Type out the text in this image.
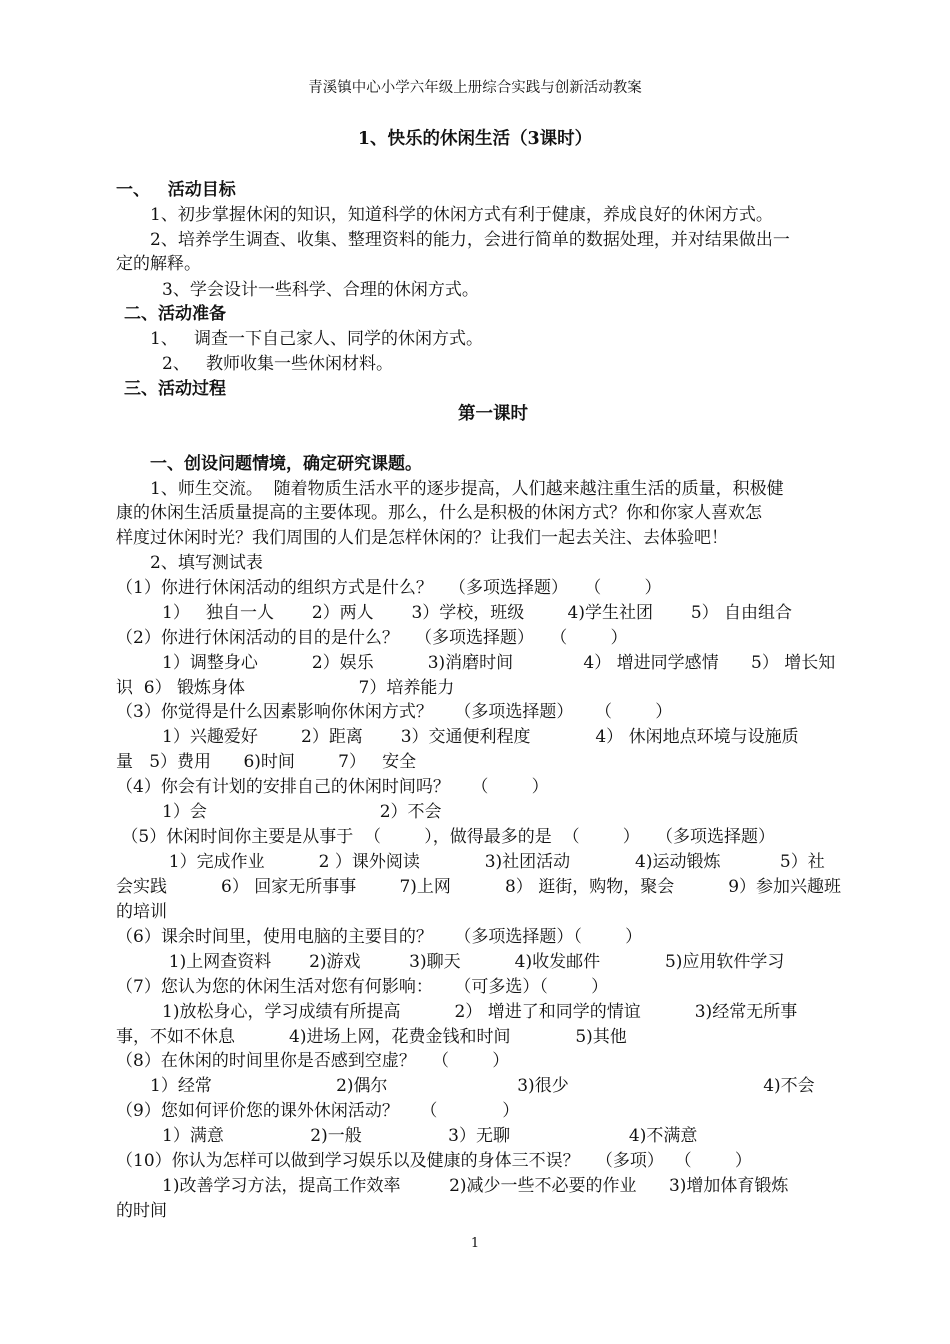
青溪镇中心小学六年级上册综合实践与创新活动教案
1、快乐的休闲生活（3课时）
一、   活动目标
1、初步掌握休闲的知识，知道科学的休闲方式有利于健康，养成良好的休闲方式。
2、培养学生调查、收集、整理资料的能力，会进行简单的数据处理，并对结果做出一
定的解释。
3、学会设计一些科学、合理的休闲方式。
二、活动准备
1、   调查一下自己家人、同学的休闲方式。
2、   教师收集一些休闲材料。
三、活动过程
第一课时
一、创设问题情境，确定研究课题。
1、师生交流。  随着物质生活水平的逐步提高，人们越来越注重生活的质量，积极健
康的休闲生活质量提高的主要体现。那么，什么是积极的休闲方式？你和你家人喜欢怎
样度过休闲时光？我们周围的人们是怎样休闲的？让我们一起去关注、去体验吧！
2、填写测试表
（1）你进行休闲活动的组织方式是什么？   （多项选择题）   （        ）
1）   独自一人       2）两人       3）学校，班级        4)学生社团       5） 自由组合
（2）你进行休闲活动的目的是什么？   （多项选择题）   （        ）
1）调整身心          2）娱乐          3)消磨时间             4） 增进同学感情      5） 增长知
识  6） 锻炼身体                     7）培养能力
（3）你觉得是什么因素影响你休闲方式？    （多项选择题）    （        ）
1）兴趣爱好        2）距离       3）交通便利程度            4） 休闲地点环境与设施质
量   5）费用      6)时间        7）   安全
（4）你会有计划的安排自己的休闲时间吗？    （        ）
1）会                                2）不会
（5）休闲时间你主要是从事于  （        ），做得最多的是  （        ）   （多项选择题）
1）完成作业          2 ）课外阅读            3)社团活动            4)运动锻炼           5）社
会实践          6） 回家无所事事        7)上网          8） 逛街，购物，聚会          9）参加兴趣班
的培训
（6）课余时间里，使用电脑的主要目的？    （多项选择题）（        ）
1)上网查资料       2)游戏         3)聊天          4)收发邮件            5)应用软件学习
（7）您认为您的休闲生活对您有何影响：    （可多选）（        ）
1)放松身心，学习成绩有所提高          2） 增进了和同学的情谊          3)经常无所事
事，不如不休息          4)进场上网，花费金钱和时间            5)其他
（8）在休闲的时间里你是否感到空虚？   （        ）
1）经常                       2)偶尔                        3)很少                                    4)不会
（9）您如何评价您的课外休闲活动？    （            ）
1）满意                2)一般                3）无聊                      4)不满意
（10）你认为怎样可以做到学习娱乐以及健康的身体三不误？   （多项）  （        ）
1)改善学习方法，提高工作效率         2)减少一些不必要的作业      3)增加体育锻炼
的时间
1
